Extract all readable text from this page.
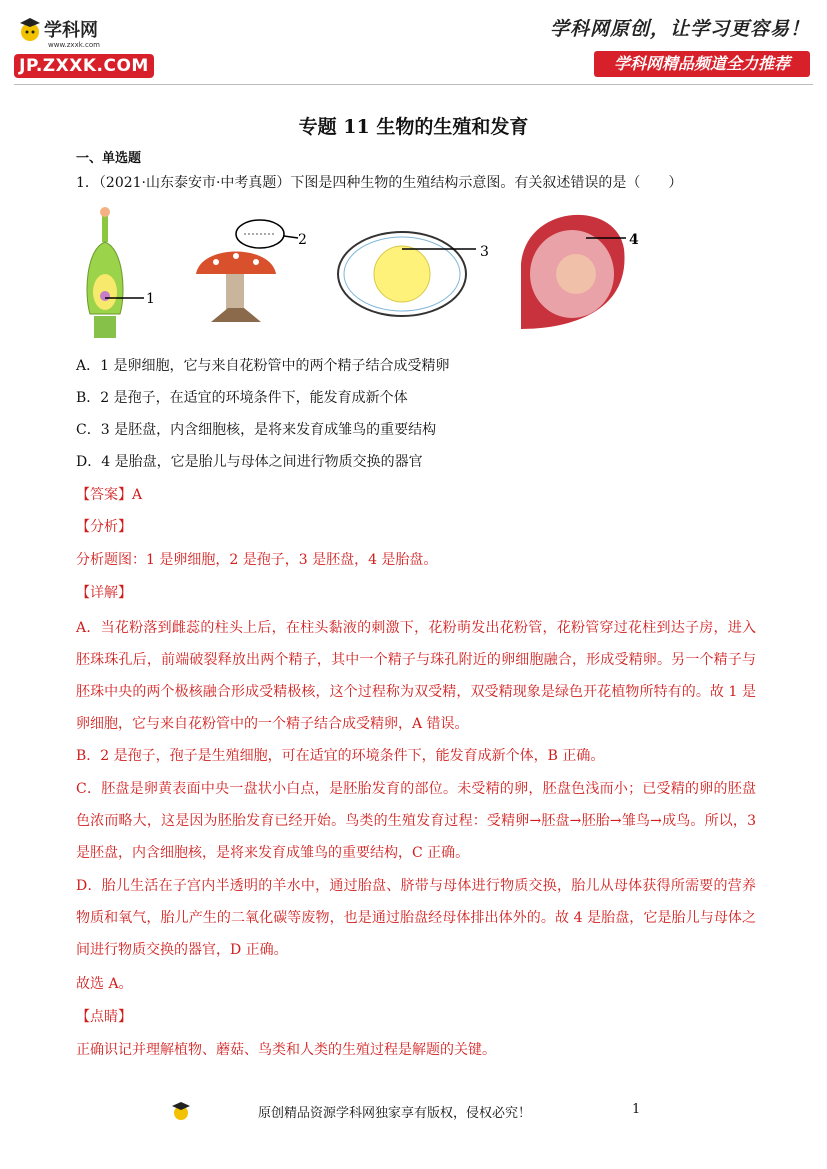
学科网
www.zxxk.com
JP.ZXXK.COM
学科网原创，让学习更容易！
学科网精品频道全力推荐
专题 11 生物的生殖和发育
一、单选题
1．（2021·山东泰安市·中考真题）下图是四种生物的生殖结构示意图。有关叙述错误的是（　　）
1
2
3
4
A．1 是卵细胞，它与来自花粉管中的两个精子结合成受精卵
B．2 是孢子，在适宜的环境条件下，能发育成新个体
C．3 是胚盘，内含细胞核，是将来发育成雏鸟的重要结构
D．4 是胎盘，它是胎儿与母体之间进行物质交换的器官
【答案】A
【分析】
分析题图：1 是卵细胞，2 是孢子，3 是胚盘，4 是胎盘。
【详解】
A．当花粉落到雌蕊的柱头上后，在柱头黏液的刺激下，花粉萌发出花粉管，花粉管穿过花柱到达子房，进入胚珠珠孔后，前端破裂释放出两个精子，其中一个精子与珠孔附近的卵细胞融合，形成受精卵。另一个精子与胚珠中央的两个极核融合形成受精极核，这个过程称为双受精，双受精现象是绿色开花植物所特有的。故 1 是卵细胞，它与来自花粉管中的一个精子结合成受精卵，A 错误。
B．2 是孢子，孢子是生殖细胞，可在适宜的环境条件下，能发育成新个体，B 正确。
C．胚盘是卵黄表面中央一盘状小白点，是胚胎发育的部位。未受精的卵，胚盘色浅而小；已受精的卵的胚盘色浓而略大，这是因为胚胎发育已经开始。鸟类的生殖发育过程：受精卵→胚盘→胚胎→雏鸟→成鸟。所以，3 是胚盘，内含细胞核，是将来发育成雏鸟的重要结构，C 正确。
D．胎儿生活在子宫内半透明的羊水中，通过胎盘、脐带与母体进行物质交换，胎儿从母体获得所需要的营养物质和氧气，胎儿产生的二氧化碳等废物，也是通过胎盘经母体排出体外的。故 4 是胎盘，它是胎儿与母体之间进行物质交换的器官，D 正确。
故选 A。
【点睛】
正确识记并理解植物、蘑菇、鸟类和人类的生殖过程是解题的关键。
原创精品资源学科网独家享有版权，侵权必究！	1
